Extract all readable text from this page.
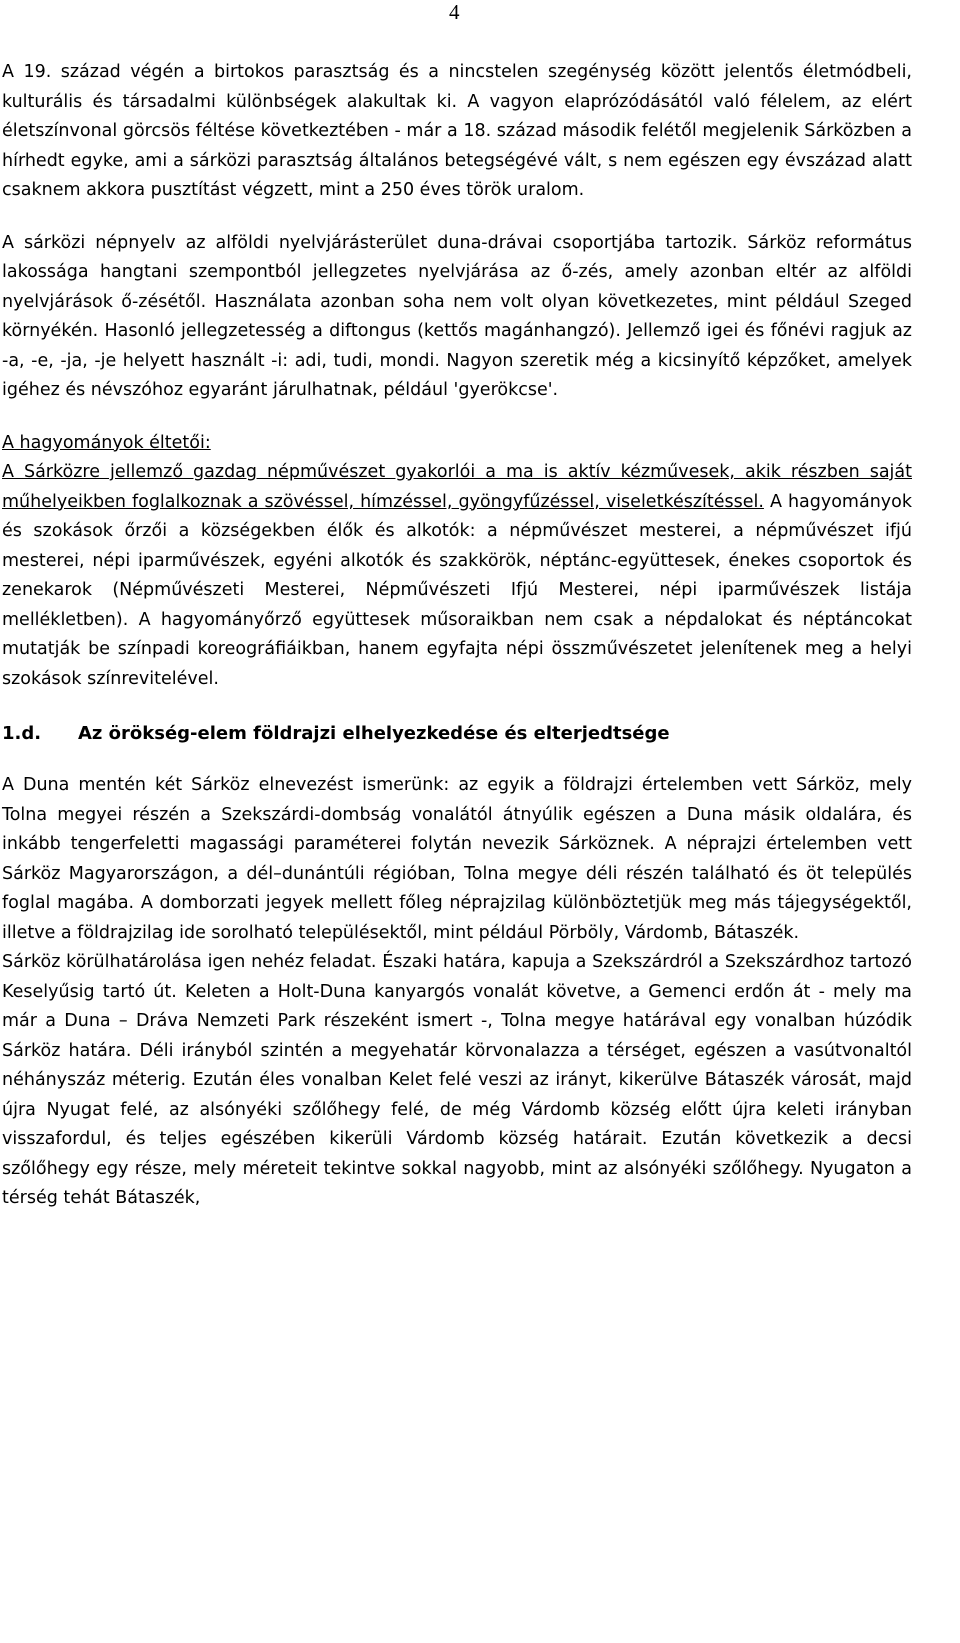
4

A 19. század végén a birtokos parasztság és a nincstelen szegénység között jelentős életmódbeli, kulturális és társadalmi különbségek alakultak ki. A vagyon elaprózódásától való félelem, az elért életszínvonal görcsös féltése következtében - már a 18. század második felétől megjelenik Sárközben a hírhedt egyke, ami a sárközi parasztság általános betegségévé vált, s nem egészen egy évszázad alatt csaknem akkora pusztítást végzett, mint a 250 éves török uralom.

A sárközi népnyelv az alföldi nyelvjárásterület duna-drávai csoportjába tartozik. Sárköz református lakossága hangtani szempontból jellegzetes nyelvjárása az ő-zés, amely azonban eltér az alföldi nyelvjárások ő-zésétől. Használata azonban soha nem volt olyan következetes, mint például Szeged környékén. Hasonló jellegzetesség a diftongus (kettős magánhangzó). Jellemző igei és főnévi ragjuk az -a, -e, -ja, -je helyett használt -i: adi, tudi, mondi. Nagyon szeretik még a kicsinyítő képzőket, amelyek igéhez és névszóhoz egyaránt járulhatnak, például 'gyerökcse'.

A hagyományok éltetői:

A Sárközre jellemző gazdag népművészet gyakorlói a ma is aktív kézművesek, akik részben saját műhelyeikben foglalkoznak a szövéssel, hímzéssel, gyöngyfűzéssel, viseletkészítéssel. A hagyományok és szokások őrzői a községekben élők és alkotók: a népművészet mesterei, a népművészet ifjú mesterei, népi iparművészek, egyéni alkotók és szakkörök, néptánc-együttesek, énekes csoportok és zenekarok (Népművészeti Mesterei, Népművészeti Ifjú Mesterei, népi iparművészek listája mellékletben). A hagyományőrző együttesek műsoraikban nem csak a népdalokat és néptáncokat mutatják be színpadi koreográfiáikban, hanem egyfajta népi összművészetet jelenítenek meg a helyi szokások színrevitelével.

1.d.	Az örökség-elem földrajzi elhelyezkedése és elterjedtsége

A Duna mentén két Sárköz elnevezést ismerünk: az egyik a földrajzi értelemben vett Sárköz, mely Tolna megyei részén a Szekszárdi-dombság vonalától átnyúlik egészen a Duna másik oldalára, és inkább tengerfeletti magassági paraméterei folytán nevezik Sárköznek. A néprajzi értelemben vett Sárköz Magyarországon, a dél–dunántúli régióban, Tolna megye déli részén található és öt település foglal magába. A domborzati jegyek mellett főleg néprajzilag különböztetjük meg más tájegységektől, illetve a földrajzilag ide sorolható településektől, mint például Pörböly, Várdomb, Bátaszék.

Sárköz körülhatárolása igen nehéz feladat. Északi határa, kapuja a Szekszárdról a Szekszárdhoz tartozó Keselyűsig tartó út. Keleten a Holt-Duna kanyargós vonalát követve, a Gemenci erdőn át - mely ma már a Duna – Dráva Nemzeti Park részeként ismert -, Tolna megye határával egy vonalban húzódik Sárköz határa. Déli irányból szintén a megyehatár körvonalazza a térséget, egészen a vasútvonaltól néhányszáz méterig. Ezután éles vonalban Kelet felé veszi az irányt, kikerülve Bátaszék városát, majd újra Nyugat felé, az alsónyéki szőlőhegy felé, de még Várdomb község előtt újra keleti irányban visszafordul, és teljes egészében kikerüli Várdomb község határait. Ezután következik a decsi szőlőhegy egy része, mely méreteit tekintve sokkal nagyobb, mint az alsónyéki szőlőhegy. Nyugaton a térség tehát Bátaszék,
